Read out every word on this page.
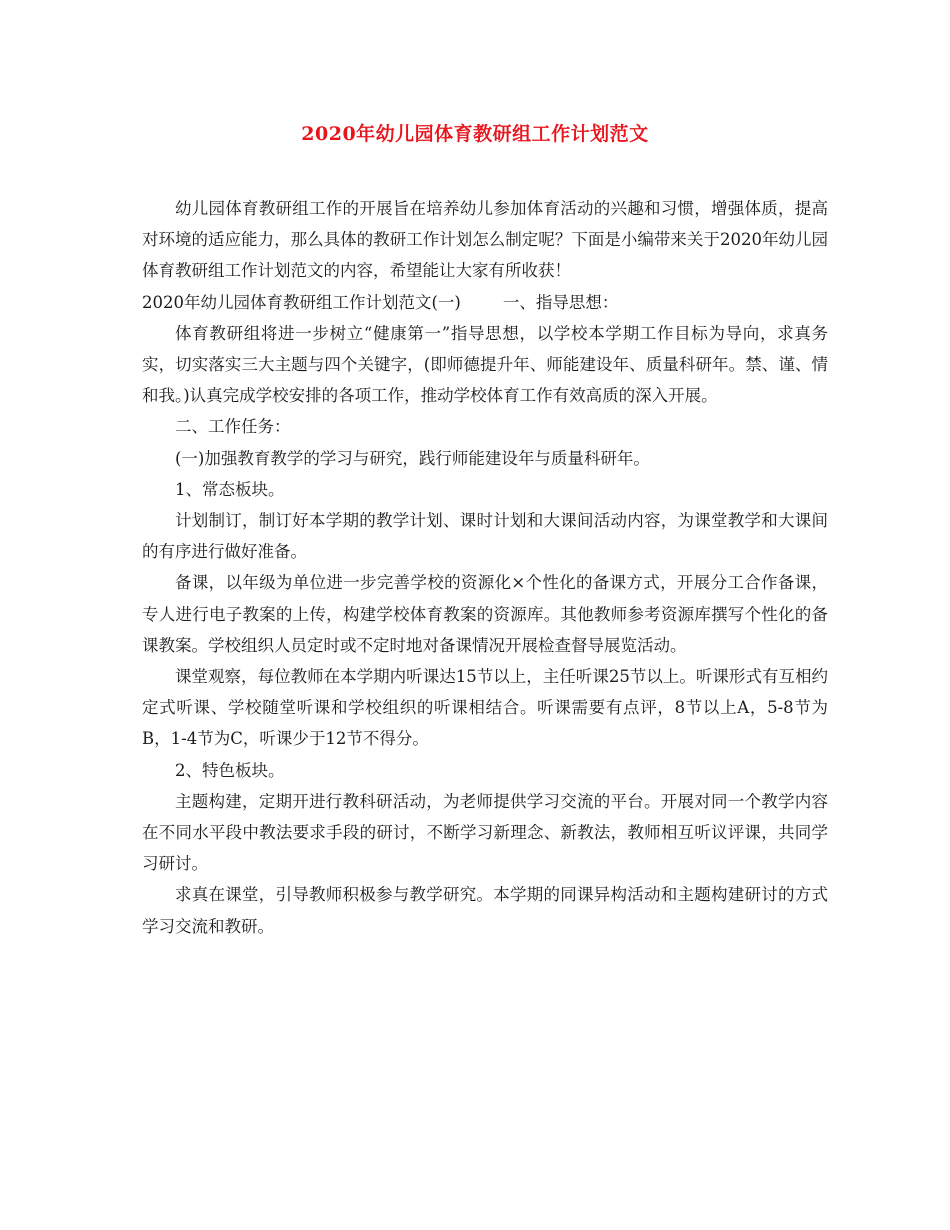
2020年幼儿园体育教研组工作计划范文

幼儿园体育教研组工作的开展旨在培养幼儿参加体育活动的兴趣和习惯，增强体质，提高对环境的适应能力，那么具体的教研工作计划怎么制定呢？下面是小编带来关于2020年幼儿园体育教研组工作计划范文的内容，希望能让大家有所收获！

2020年幼儿园体育教研组工作计划范文(一)	一、指导思想：

体育教研组将进一步树立“健康第一”指导思想，以学校本学期工作目标为导向，求真务实，切实落实三大主题与四个关键字，(即师德提升年、师能建设年、质量科研年。禁、谨、情和我。)认真完成学校安排的各项工作，推动学校体育工作有效高质的深入开展。

二、工作任务：

(一)加强教育教学的学习与研究，践行师能建设年与质量科研年。

1、常态板块。

计划制订，制订好本学期的教学计划、课时计划和大课间活动内容，为课堂教学和大课间的有序进行做好准备。

备课，以年级为单位进一步完善学校的资源化×个性化的备课方式，开展分工合作备课，专人进行电子教案的上传，构建学校体育教案的资源库。其他教师参考资源库撰写个性化的备课教案。学校组织人员定时或不定时地对备课情况开展检查督导展览活动。

课堂观察，每位教师在本学期内听课达15节以上，主任听课25节以上。听课形式有互相约定式听课、学校随堂听课和学校组织的听课相结合。听课需要有点评，8节以上A，5-8节为B，1-4节为C，听课少于12节不得分。

2、特色板块。

主题构建，定期开进行教科研活动，为老师提供学习交流的平台。开展对同一个教学内容在不同水平段中教法要求手段的研讨，不断学习新理念、新教法，教师相互听议评课，共同学习研讨。

求真在课堂，引导教师积极参与教学研究。本学期的同课异构活动和主题构建研讨的方式学习交流和教研。
